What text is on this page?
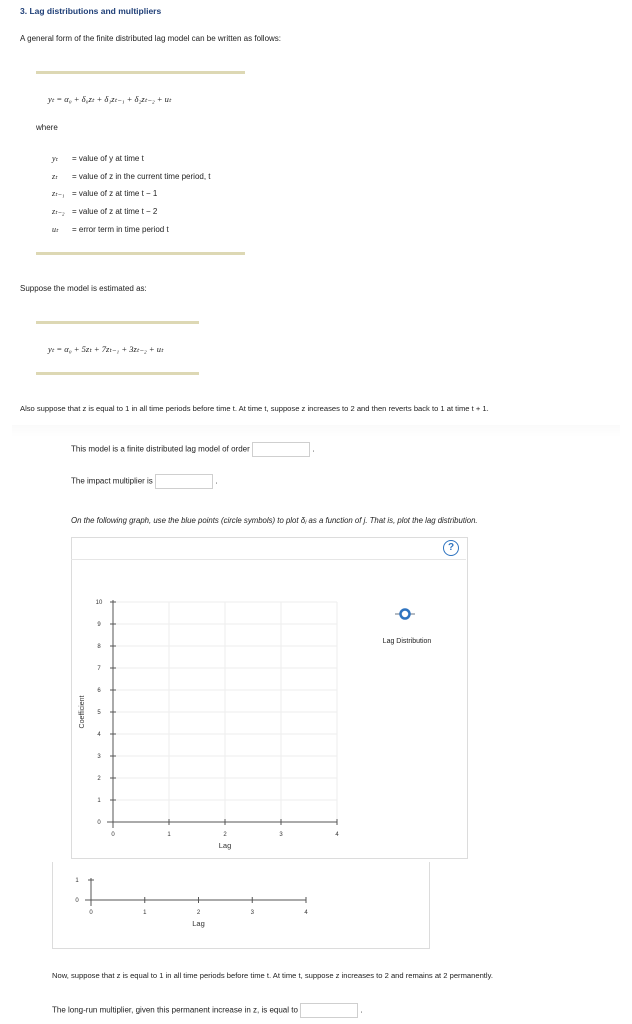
3. Lag distributions and multipliers
A general form of the finite distributed lag model can be written as follows:
yₜ = α₀ + δ₀zₜ + δ₁zₜ₋₁ + δ₂zₜ₋₂ + uₜ
where
yₜ = value of y at time t
zₜ = value of z in the current time period, t
zₜ₋₁ = value of z at time t − 1
zₜ₋₂ = value of z at time t − 2
uₜ = error term in time period t
Suppose the model is estimated as:
yₜ = α₀ + 5zₜ + 7zₜ₋₁ + 3zₜ₋₂ + uₜ
Also suppose that z is equal to 1 in all time periods before time t. At time t, suppose z increases to 2 and then reverts back to 1 at time t + 1.
This model is a finite distributed lag model of order	.
The impact multiplier is	.
On the following graph, use the blue points (circle symbols) to plot δⱼ as a function of j. That is, plot the lag distribution.
?
0	1	2	3	4
0
1
2
3
4
5
6
7
8
9
10
Lag
Coefficient
Lag Distribution
0	1	2	3	4
0
1
Lag
Now, suppose that z is equal to 1 in all time periods before time t. At time t, suppose z increases to 2 and remains at 2 permanently.
The long-run multiplier, given this permanent increase in z, is equal to	.
